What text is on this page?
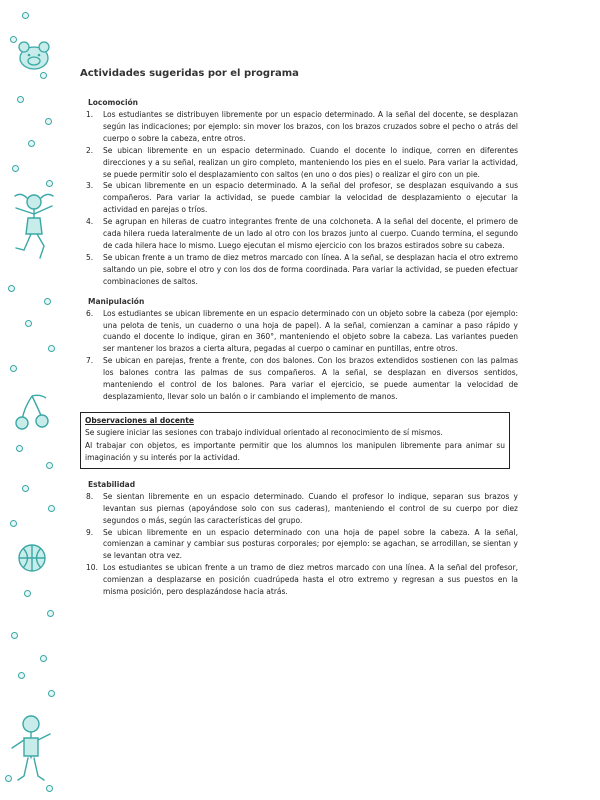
Actividades sugeridas por el programa
Locomoción
1.	Los estudiantes se distribuyen libremente por un espacio determinado. A la señal del docente, se desplazan según las indicaciones; por ejemplo: sin mover los brazos, con los brazos cruzados sobre el pecho o atrás del cuerpo o sobre la cabeza, entre otros.
2.	Se ubican libremente en un espacio determinado. Cuando el docente lo indique, corren en diferentes direcciones y a su señal, realizan un giro completo, manteniendo los pies en el suelo. Para variar la actividad, se puede permitir solo el desplazamiento con saltos (en uno o dos pies) o realizar el giro con un pie.
3.	Se ubican libremente en un espacio determinado. A la señal del profesor, se desplazan esquivando a sus compañeros. Para variar la actividad, se puede cambiar la velocidad de desplazamiento o ejecutar la actividad en parejas o tríos.
4.	Se agrupan en hileras de cuatro integrantes frente de una colchoneta. A la señal del docente, el primero de cada hilera rueda lateralmente de un lado al otro con los brazos junto al cuerpo. Cuando termina, el segundo de cada hilera hace lo mismo. Luego ejecutan el mismo ejercicio con los brazos estirados sobre su cabeza.
5.	Se ubican frente a un tramo de diez metros marcado con línea. A la señal, se desplazan hacia el otro extremo saltando un pie, sobre el otro y con los dos de forma coordinada. Para variar la actividad, se pueden efectuar combinaciones de saltos.
Manipulación
6.	Los estudiantes se ubican libremente en un espacio determinado con un objeto sobre la cabeza (por ejemplo: una pelota de tenis, un cuaderno o una hoja de papel). A la señal, comienzan a caminar a paso rápido y cuando el docente lo indique, giran en 360°, manteniendo el objeto sobre la cabeza. Las variantes pueden ser mantener los brazos a cierta altura, pegadas al cuerpo o caminar en puntillas, entre otros.
7.	Se ubican en parejas, frente a frente, con dos balones. Con los brazos extendidos sostienen con las palmas los balones contra las palmas de sus compañeros. A la señal, se desplazan en diversos sentidos, manteniendo el control de los balones. Para variar el ejercicio, se puede aumentar la velocidad de desplazamiento, llevar solo un balón o ir cambiando el implemento de manos.
Observaciones al docente
Se sugiere iniciar las sesiones con trabajo individual orientado al reconocimiento de sí mismos.
Al trabajar con objetos, es importante permitir que los alumnos los manipulen libremente para animar su imaginación y su interés por la actividad.
Estabilidad
8.	Se sientan libremente en un espacio determinado. Cuando el profesor lo indique, separan sus brazos y levantan sus piernas (apoyándose solo con sus caderas), manteniendo el control de su cuerpo por diez segundos o más, según las características del grupo.
9.	Se ubican libremente en un espacio determinado con una hoja de papel sobre la cabeza. A la señal, comienzan a caminar y cambiar sus posturas corporales; por ejemplo: se agachan, se arrodillan, se sientan y se levantan otra vez.
10. Los estudiantes se ubican frente a un tramo de diez metros marcado con una línea. A la señal del profesor, comienzan a desplazarse en posición cuadrúpeda hasta el otro extremo y regresan a sus puestos en la misma posición, pero desplazándose hacia atrás.
